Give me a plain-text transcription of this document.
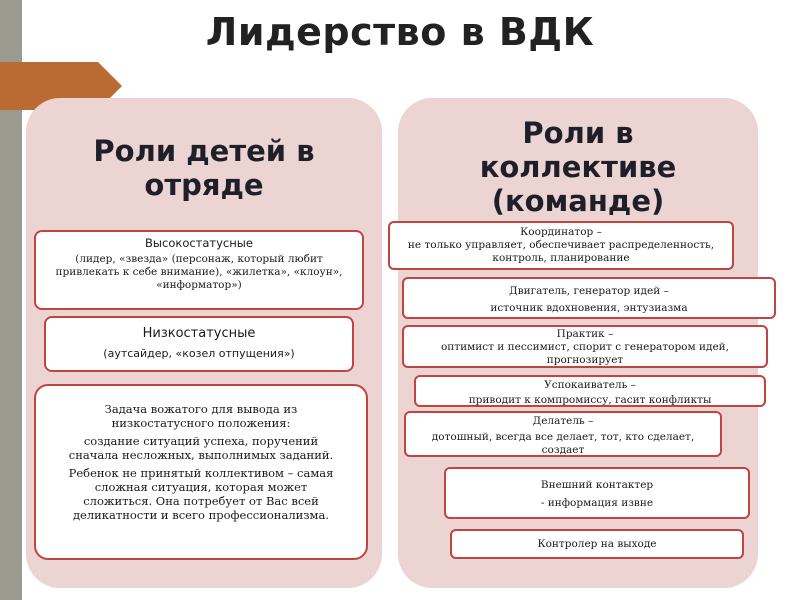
Лидерство в ВДК
Роли детей в
отряде
Высокостатусные
(лидер, «звезда» (персонаж, который любит
привлекать к себе внимание), «жилетка», «клоун»,
«информатор»)
Низкостатусные
(аутсайдер, «козел отпущения»)
Задача вожатого для вывода из
низкостатусного положения:
создание ситуаций успеха, поручений
сначала несложных, выполнимых заданий.
Ребенок не принятый коллективом – самая
сложная ситуация, которая может
сложиться. Она потребует от Вас всей
деликатности и всего профессионализма.
Роли в
коллективе
(команде)
Координатор –
не только управляет, обеспечивает распределенность,
контроль, планирование
Двигатель, генератор идей –
источник вдохновения, энтузиазма
Практик –
оптимист и пессимист, спорит с генератором идей,
прогнозирует
Успокаиватель –
приводит к компромиссу, гасит конфликты
Делатель –
дотошный, всегда все делает, тот, кто сделает,
создает
Внешний контактер
- информация извне
Контролер на выходе
